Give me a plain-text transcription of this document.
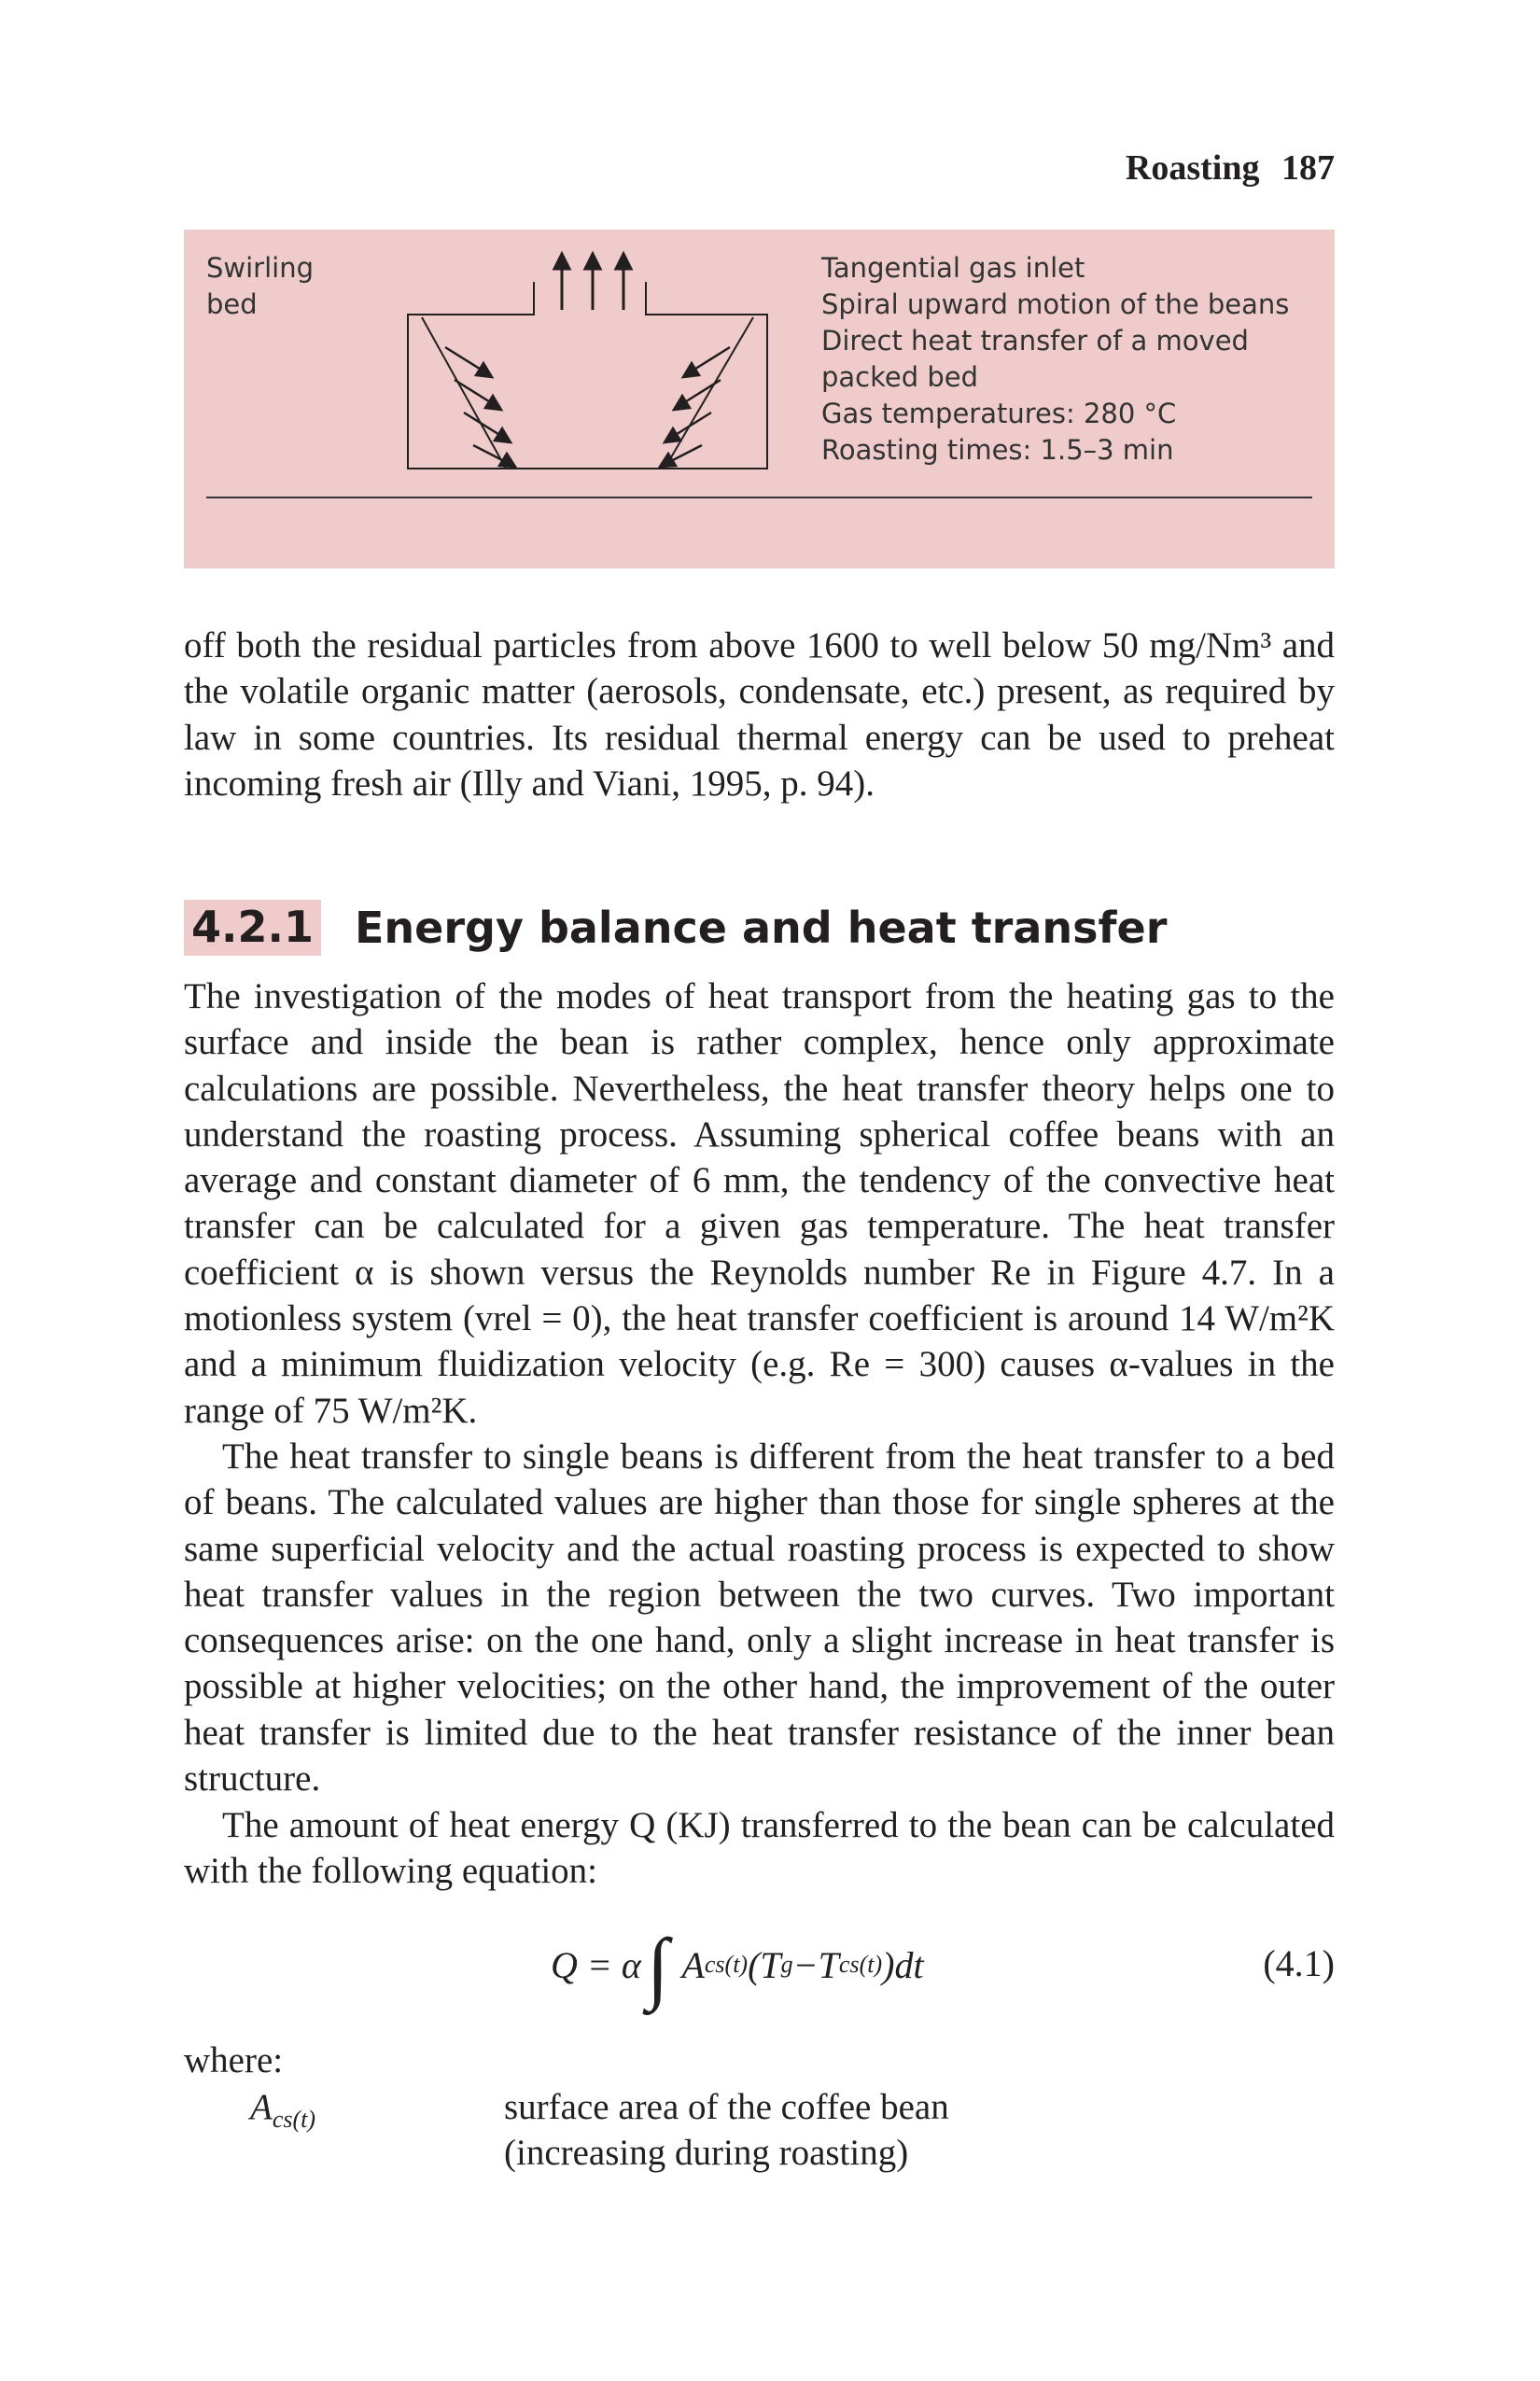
Roasting 187
Swirling
bed
Tangential gas inlet
Spiral upward motion of the beans
Direct heat transfer of a moved packed bed
Gas temperatures: 280 °C
Roasting times: 1.5–3 min

off both the residual particles from above 1600 to well below 50 mg/Nm³ and the volatile organic matter (aerosols, condensate, etc.) present, as required by law in some countries. Its residual thermal energy can be used to preheat incoming fresh air (Illy and Viani, 1995, p. 94).

4.2.1 Energy balance and heat transfer

The investigation of the modes of heat transport from the heating gas to the surface and inside the bean is rather complex, hence only approximate calculations are possible. Nevertheless, the heat transfer theory helps one to understand the roasting process. Assuming spherical coffee beans with an average and constant diameter of 6 mm, the tendency of the convective heat transfer can be calculated for a given gas temperature. The heat transfer coefficient α is shown versus the Reynolds number Re in Figure 4.7. In a motionless system (vrel = 0), the heat transfer coefficient is around 14 W/m²K and a minimum fluidization velocity (e.g. Re = 300) causes α-values in the range of 75 W/m²K.

The heat transfer to single beans is different from the heat transfer to a bed of beans. The calculated values are higher than those for single spheres at the same superficial velocity and the actual roasting process is expected to show heat transfer values in the region between the two curves. Two important consequences arise: on the one hand, only a slight increase in heat transfer is possible at higher velocities; on the other hand, the improvement of the outer heat transfer is limited due to the heat transfer resistance of the inner bean structure.

The amount of heat energy Q (KJ) transferred to the bean can be calculated with the following equation:

Q = α ∫ A cs(t) ( T g − T cs(t) ) dt	(4.1)
where:
$A_{cs(t)}$	surface area of the coffee bean
(increasing during roasting)
